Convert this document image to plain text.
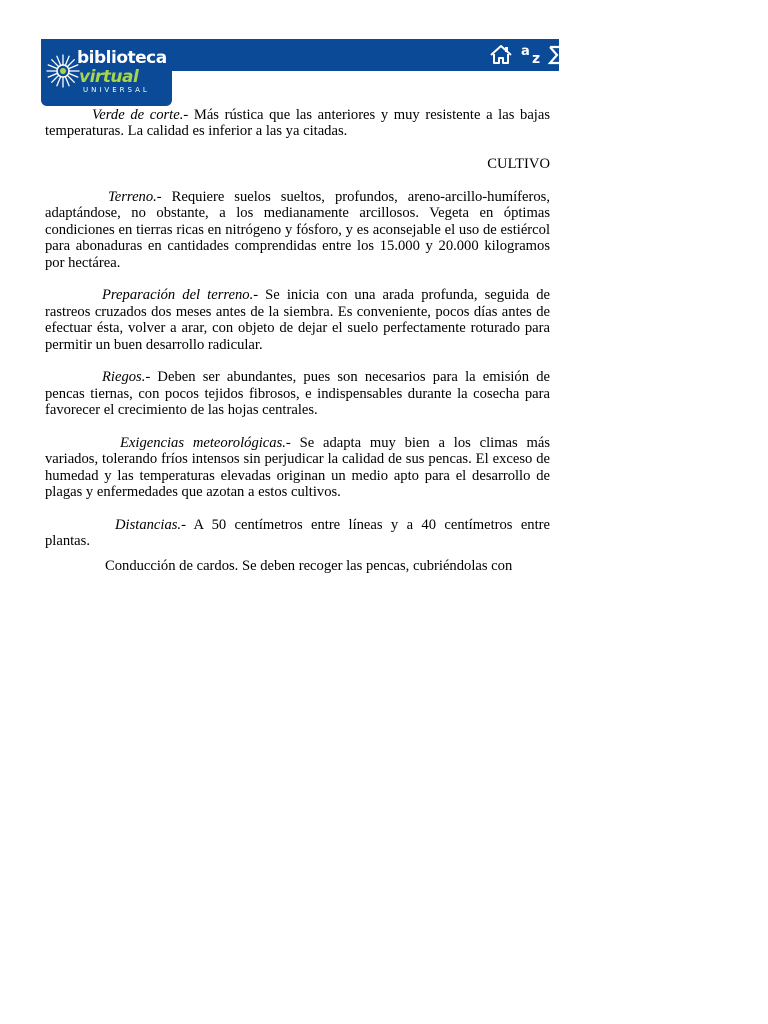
biblioteca
virtual
UNIVERSAL
a z

Verde de corte.- Más rústica que las anteriores y muy resistente a las bajas temperaturas. La calidad es inferior a las ya citadas.

CULTIVO

Terreno.- Requiere suelos sueltos, profundos, areno-arcillo-humíferos, adaptándose, no obstante, a los medianamente arcillosos. Vegeta en óptimas condiciones en tierras ricas en nitrógeno y fósforo, y es aconsejable el uso de estiércol para abonaduras en cantidades comprendidas entre los 15.000 y 20.000 kilogramos por hectárea.

Preparación del terreno.- Se inicia con una arada profunda, seguida de rastreos cruzados dos meses antes de la siembra. Es conveniente, pocos días antes de efectuar ésta, volver a arar, con objeto de dejar el suelo perfectamente roturado para permitir un buen desarrollo radicular.

Riegos.- Deben ser abundantes, pues son necesarios para la emisión de pencas tiernas, con pocos tejidos fibrosos, e indispensables durante la cosecha para favorecer el crecimiento de las hojas centrales.

Exigencias meteorológicas.- Se adapta muy bien a los climas más variados, tolerando fríos intensos sin perjudicar la calidad de sus pencas. El exceso de humedad y las temperaturas elevadas originan un medio apto para el desarrollo de plagas y enfermedades que azotan a estos cultivos.

Distancias.- A 50 centímetros entre líneas y a 40 centímetros entre plantas.

Conducción de cardos. Se deben recoger las pencas, cubriéndolas con
